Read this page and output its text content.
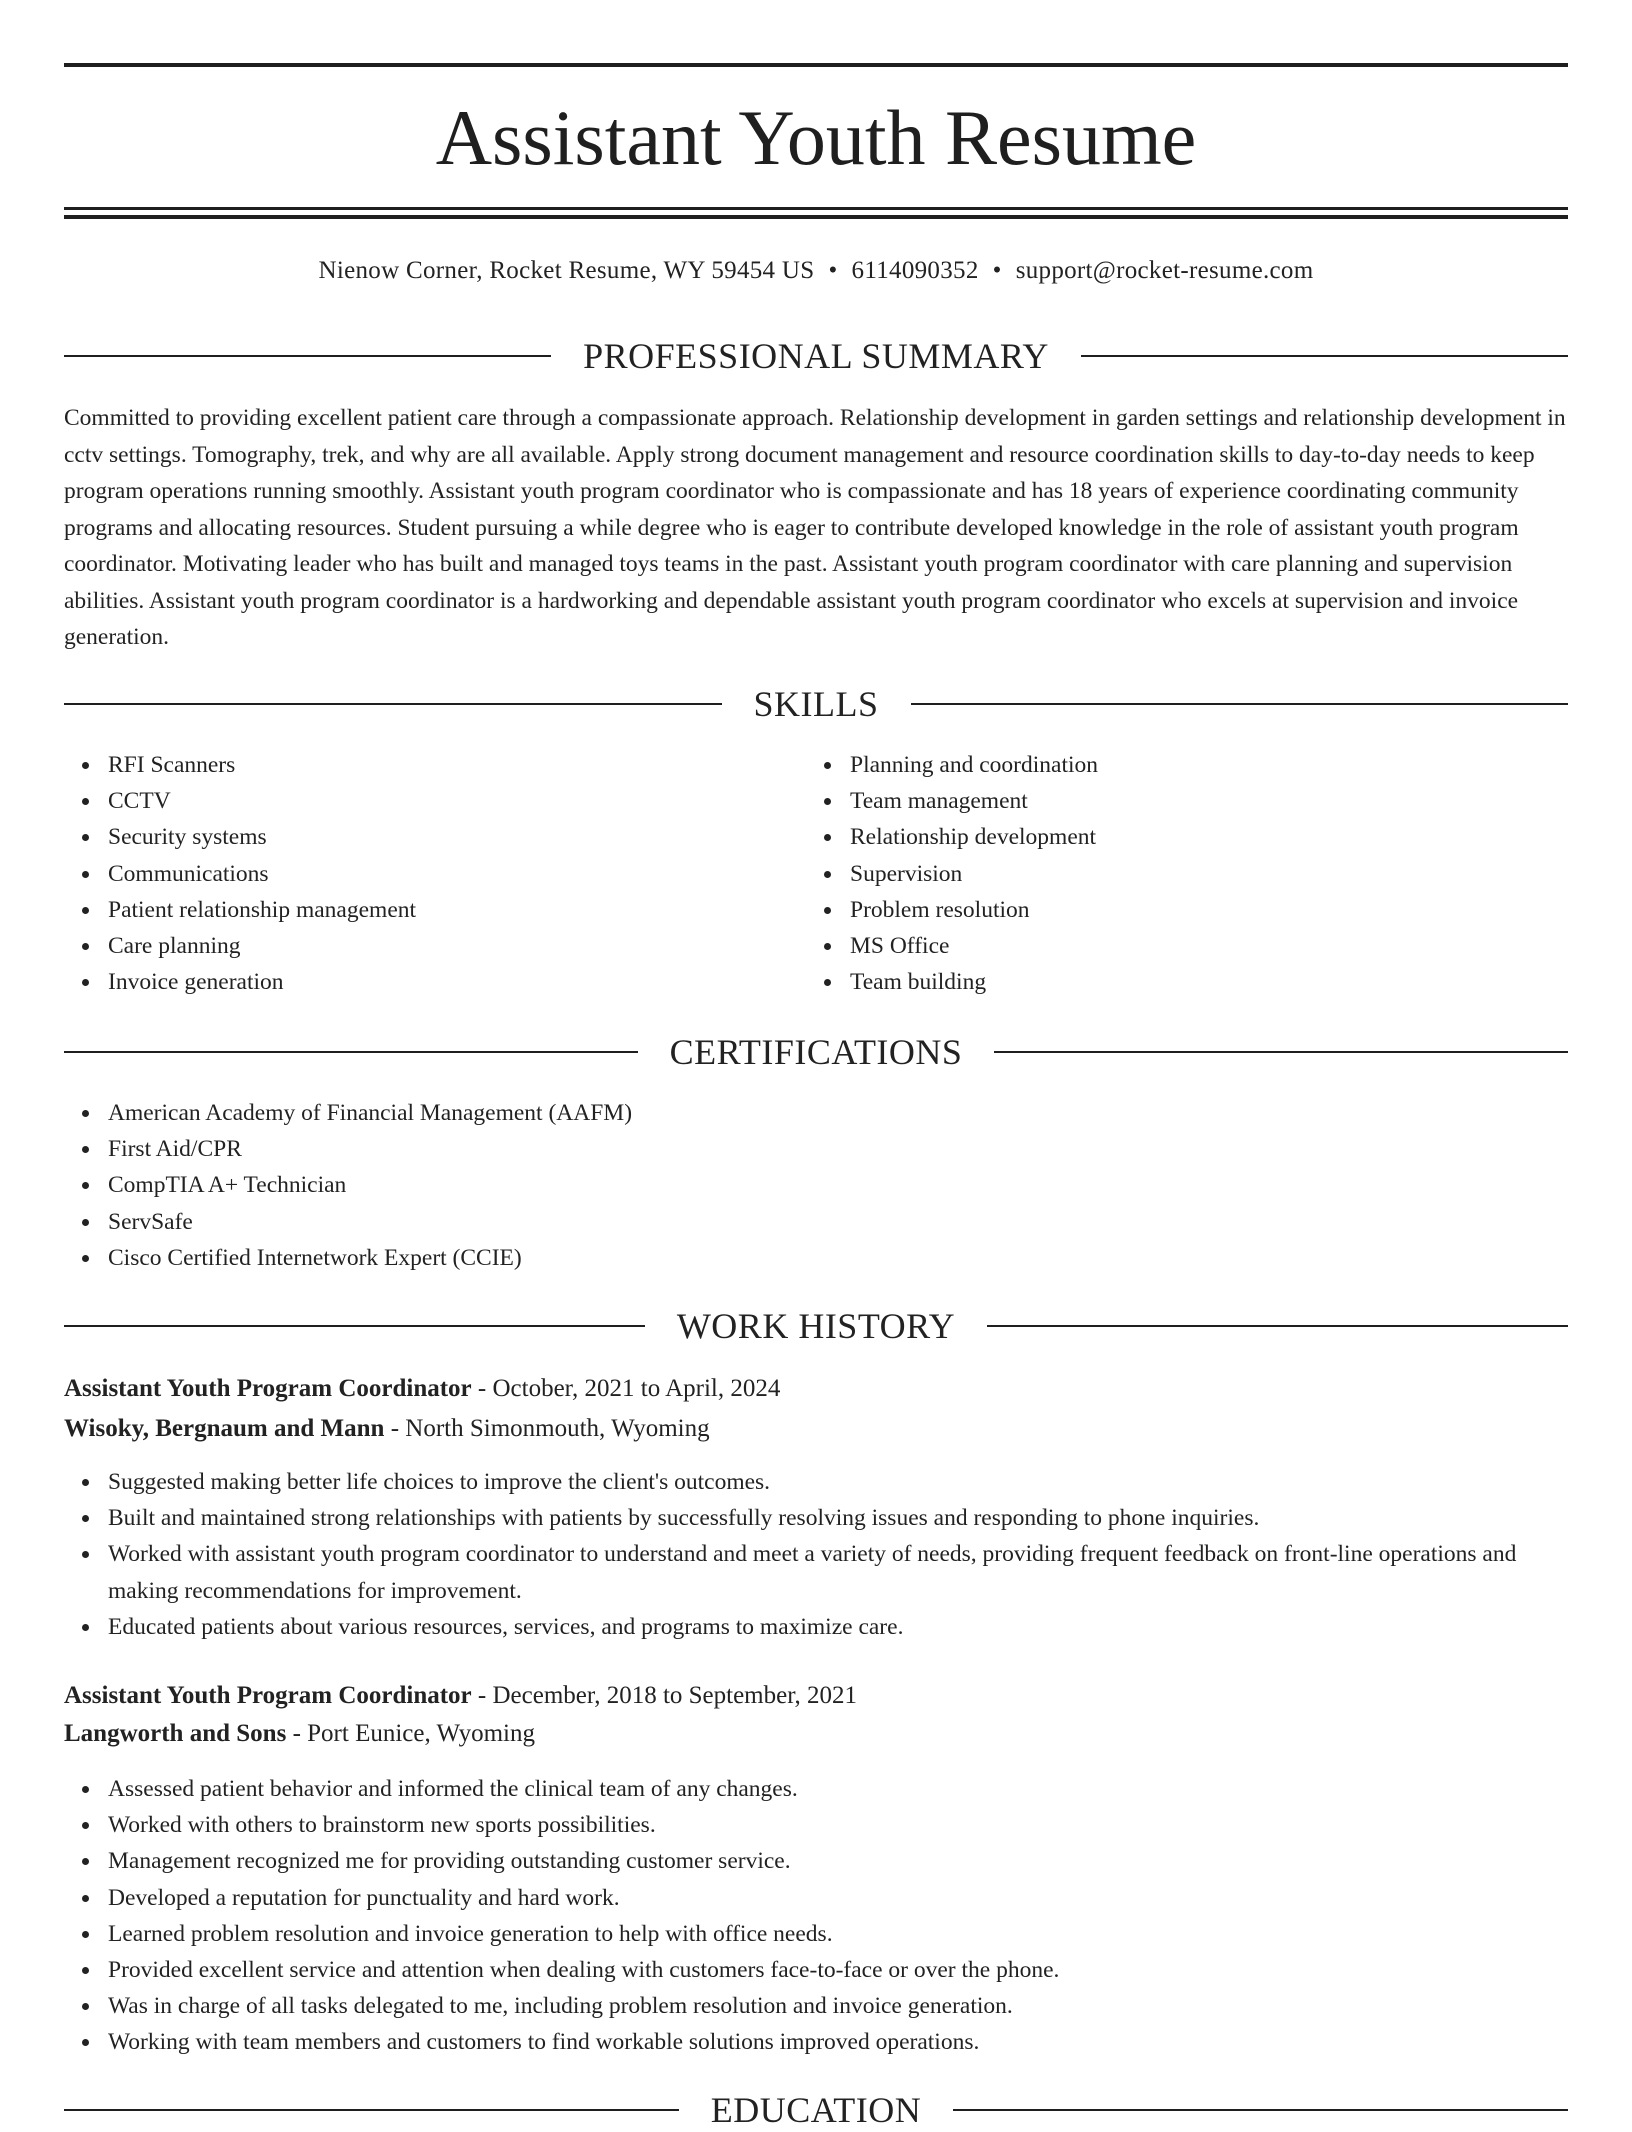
Assistant Youth Resume
Nienow Corner, Rocket Resume, WY 59454 US • 6114090352 • support@rocket-resume.com
PROFESSIONAL SUMMARY

Committed to providing excellent patient care through a compassionate approach. Relationship development in garden settings and relationship development in cctv settings. Tomography, trek, and why are all available. Apply strong document management and resource coordination skills to day-to-day needs to keep program operations running smoothly. Assistant youth program coordinator who is compassionate and has 18 years of experience coordinating community programs and allocating resources. Student pursuing a while degree who is eager to contribute developed knowledge in the role of assistant youth program coordinator. Motivating leader who has built and managed toys teams in the past. Assistant youth program coordinator with care planning and supervision abilities. Assistant youth program coordinator is a hardworking and dependable assistant youth program coordinator who excels at supervision and invoice generation.

SKILLS
RFI Scanners
CCTV
Security systems
Communications
Patient relationship management
Care planning
Invoice generation
Planning and coordination
Team management
Relationship development
Supervision
Problem resolution
MS Office
Team building
CERTIFICATIONS
American Academy of Financial Management (AAFM)
First Aid/CPR
CompTIA A+ Technician
ServSafe
Cisco Certified Internetwork Expert (CCIE)
WORK HISTORY
Assistant Youth Program Coordinator - October, 2021 to April, 2024
Wisoky, Bergnaum and Mann - North Simonmouth, Wyoming
Suggested making better life choices to improve the client's outcomes.
Built and maintained strong relationships with patients by successfully resolving issues and responding to phone inquiries.
Worked with assistant youth program coordinator to understand and meet a variety of needs, providing frequent feedback on front-line operations and making recommendations for improvement.
Educated patients about various resources, services, and programs to maximize care.
Assistant Youth Program Coordinator - December, 2018 to September, 2021
Langworth and Sons - Port Eunice, Wyoming
Assessed patient behavior and informed the clinical team of any changes.
Worked with others to brainstorm new sports possibilities.
Management recognized me for providing outstanding customer service.
Developed a reputation for punctuality and hard work.
Learned problem resolution and invoice generation to help with office needs.
Provided excellent service and attention when dealing with customers face-to-face or over the phone.
Was in charge of all tasks delegated to me, including problem resolution and invoice generation.
Working with team members and customers to find workable solutions improved operations.
EDUCATION
